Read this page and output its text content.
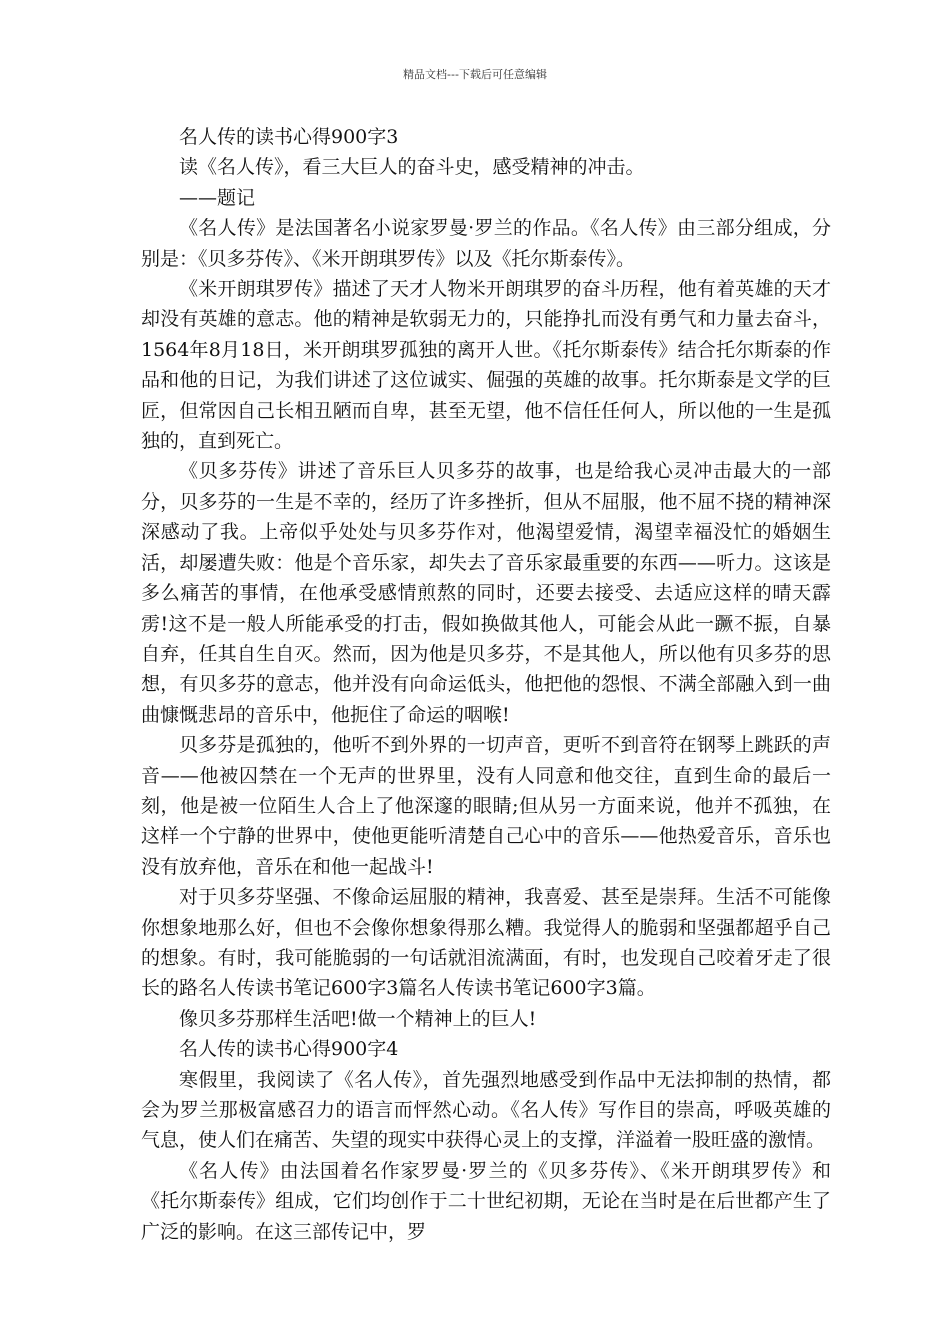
精品文档---下载后可任意编辑

名人传的读书心得900字3

读《名人传》，看三大巨人的奋斗史，感受精神的冲击。

——题记

《名人传》是法国著名小说家罗曼·罗兰的作品。《名人传》由三部分组成，分别是：《贝多芬传》、《米开朗琪罗传》以及《托尔斯泰传》。

《米开朗琪罗传》描述了天才人物米开朗琪罗的奋斗历程，他有着英雄的天才却没有英雄的意志。他的精神是软弱无力的，只能挣扎而没有勇气和力量去奋斗，1564年8月18日，米开朗琪罗孤独的离开人世。《托尔斯泰传》结合托尔斯泰的作品和他的日记，为我们讲述了这位诚实、倔强的英雄的故事。托尔斯泰是文学的巨匠，但常因自己长相丑陋而自卑，甚至无望，他不信任任何人，所以他的一生是孤独的，直到死亡。

《贝多芬传》讲述了音乐巨人贝多芬的故事，也是给我心灵冲击最大的一部分，贝多芬的一生是不幸的，经历了许多挫折，但从不屈服，他不屈不挠的精神深深感动了我。上帝似乎处处与贝多芬作对，他渴望爱情，渴望幸福没忙的婚姻生活，却屡遭失败：他是个音乐家，却失去了音乐家最重要的东西——听力。这该是多么痛苦的事情，在他承受感情煎熬的同时，还要去接受、去适应这样的晴天霹雳!这不是一般人所能承受的打击，假如换做其他人，可能会从此一蹶不振，自暴自弃，任其自生自灭。然而，因为他是贝多芬，不是其他人，所以他有贝多芬的思想，有贝多芬的意志，他并没有向命运低头，他把他的怨恨、不满全部融入到一曲曲慷慨悲昂的音乐中，他扼住了命运的咽喉!

贝多芬是孤独的，他听不到外界的一切声音，更听不到音符在钢琴上跳跃的声音——他被囚禁在一个无声的世界里，没有人同意和他交往，直到生命的最后一刻，他是被一位陌生人合上了他深邃的眼睛;但从另一方面来说，他并不孤独，在这样一个宁静的世界中，使他更能听清楚自己心中的音乐——他热爱音乐，音乐也没有放弃他，音乐在和他一起战斗!

对于贝多芬坚强、不像命运屈服的精神，我喜爱、甚至是崇拜。生活不可能像你想象地那么好，但也不会像你想象得那么糟。我觉得人的脆弱和坚强都超乎自己的想象。有时，我可能脆弱的一句话就泪流满面，有时，也发现自己咬着牙走了很长的路名人传读书笔记600字3篇名人传读书笔记600字3篇。

像贝多芬那样生活吧!做一个精神上的巨人!

名人传的读书心得900字4

寒假里，我阅读了《名人传》，首先强烈地感受到作品中无法抑制的热情，都会为罗兰那极富感召力的语言而怦然心动。《名人传》写作目的崇高，呼吸英雄的气息，使人们在痛苦、失望的现实中获得心灵上的支撑，洋溢着一股旺盛的激情。

《名人传》由法国着名作家罗曼·罗兰的《贝多芬传》、《米开朗琪罗传》和《托尔斯泰传》组成，它们均创作于二十世纪初期，无论在当时是在后世都产生了广泛的影响。在这三部传记中，罗
